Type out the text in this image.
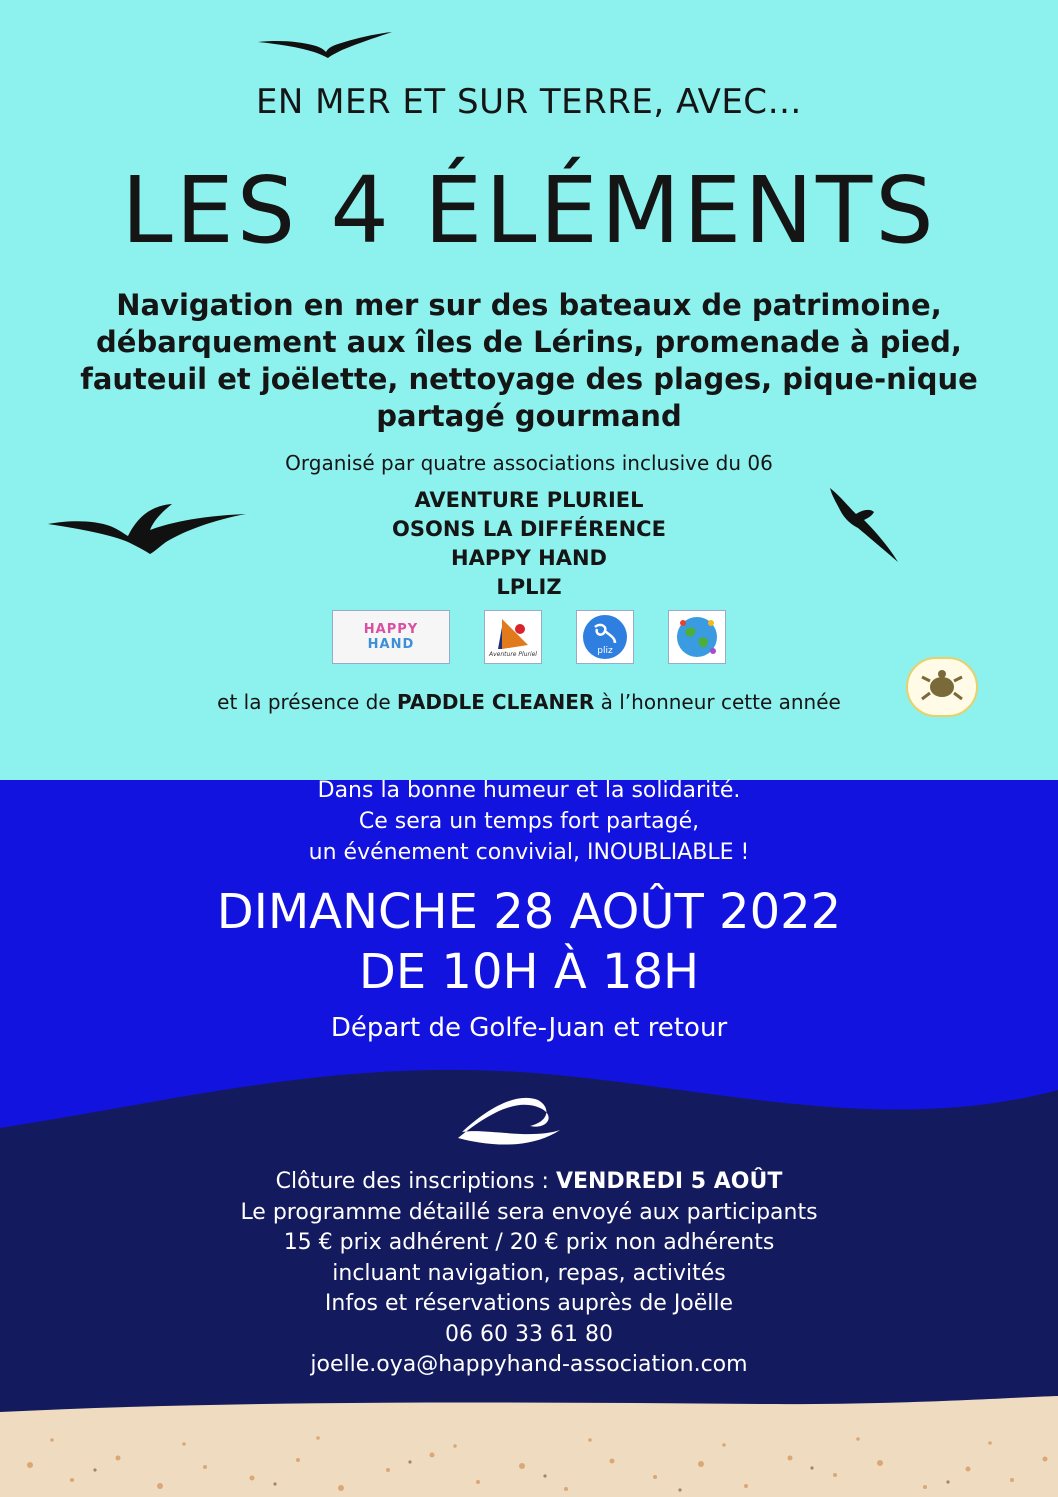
EN MER ET SUR TERRE, AVEC…
LES 4 ÉLÉMENTS
Navigation en mer sur des bateaux de patrimoine,
débarquement aux îles de Lérins, promenade à pied,
fauteuil et joëlette, nettoyage des plages, pique-nique
partagé gourmand
Organisé par quatre associations inclusive du 06
AVENTURE PLURIEL
OSONS LA DIFFÉRENCE
HAPPY HAND
LPLIZ
HAPPY
HAND
Aventure Pluriel	pliz
et la présence de PADDLE CLEANER à l’honneur cette année
Dans la bonne humeur et la solidarité.
Ce sera un temps fort partagé,
un événement convivial, INOUBLIABLE !
DIMANCHE 28 AOÛT 2022
DE 10H À 18H
Départ de Golfe-Juan et retour
Clôture des inscriptions : VENDREDI 5 AOÛT
Le programme détaillé sera envoyé aux participants
15 € prix adhérent / 20 € prix non adhérents
incluant navigation, repas, activités
Infos et réservations auprès de Joëlle
06 60 33 61 80
joelle.oya@happyhand-association.com
